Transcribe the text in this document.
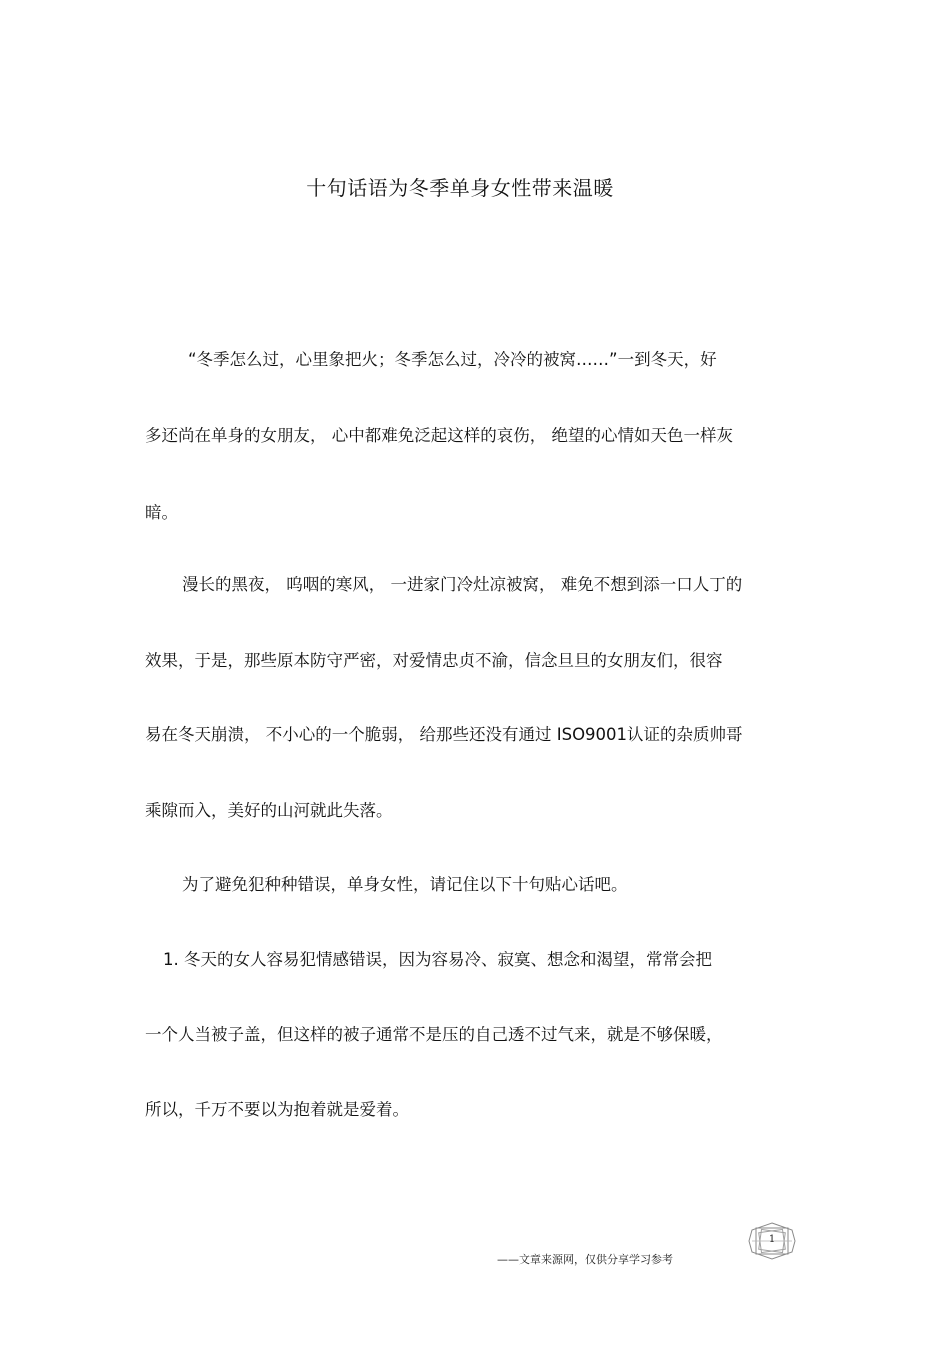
十句话语为冬季单身女性带来温暖
“冬季怎么过，心里象把火；冬季怎么过，冷冷的被窝……”一到冬天，好
多还尚在单身的女朋友， 心中都难免泛起这样的哀伤， 绝望的心情如天色一样灰
暗。
漫长的黑夜， 呜咽的寒风， 一进家门冷灶凉被窝， 难免不想到添一口人丁的
效果，于是，那些原本防守严密，对爱情忠贞不渝，信念旦旦的女朋友们，很容
易在冬天崩溃， 不小心的一个脆弱， 给那些还没有通过 ISO9001认证的杂质帅哥
乘隙而入，美好的山河就此失落。
为了避免犯种种错误，单身女性，请记住以下十句贴心话吧。
1. 冬天的女人容易犯情感错误，因为容易冷、寂寞、想念和渴望，常常会把
一个人当被子盖，但这样的被子通常不是压的自己透不过气来，就是不够保暖，
所以，千万不要以为抱着就是爱着。
——文章来源网，仅供分享学习参考
1
